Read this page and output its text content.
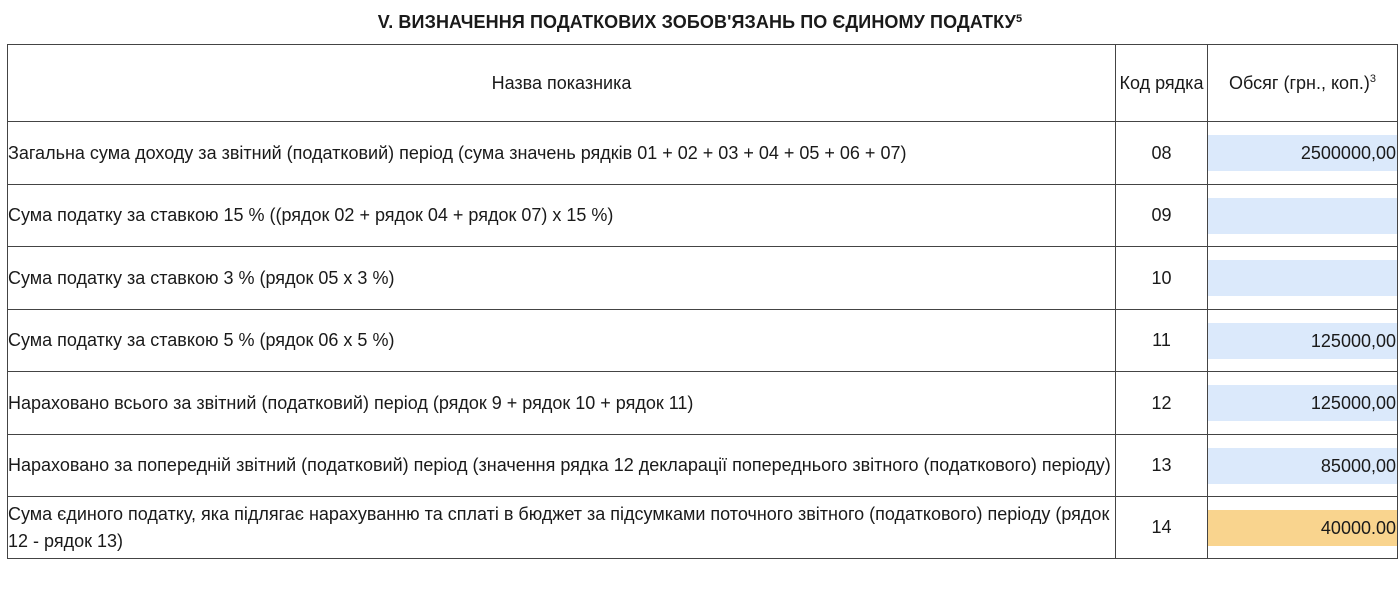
V. ВИЗНАЧЕННЯ ПОДАТКОВИХ ЗОБОВ'ЯЗАНЬ ПО ЄДИНОМУ ПОДАТКУ$^5$
Назва показника	Код рядка	Обсяг (грн., коп.)$^3$
Загальна сума доходу за звітний (податковий) період (сума значень рядків 01 + 02 + 03 + 04 + 05 + 06 + 07)	08	2500000,00

Сума податку за ставкою 15 % ((рядок 02 + рядок 04 + рядок 07) х 15 %)	09	

Сума податку за ставкою 3 % (рядок 05 х 3 %)	10	

Сума податку за ставкою 5 % (рядок 06 х 5 %)	11	125000,00

Нараховано всього за звітний (податковий) період (рядок 9 + рядок 10 + рядок 11)	12	125000,00

Нараховано за попередній звітний (податковий) період (значення рядка 12 декларації попереднього звітного (податкового) періоду)	13	85000,00

Сума єдиного податку, яка підлягає нарахуванню та сплаті в бюджет за підсумками поточного звітного (податкового) періоду (рядок 12 - рядок 13)	14	40000.00
